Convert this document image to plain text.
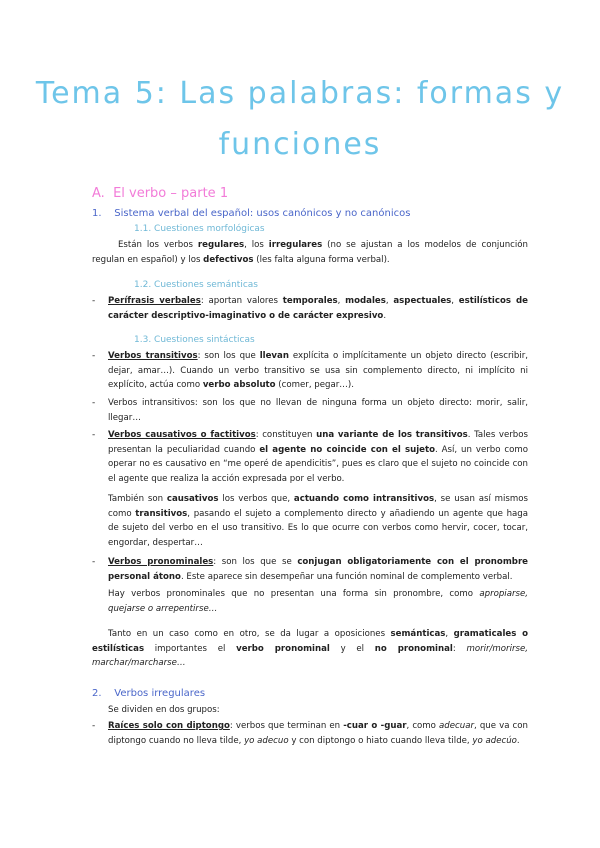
Tema 5: Las palabras: formas y
funciones
A. El verbo – parte 1
1. Sistema verbal del español: usos canónicos y no canónicos
1.1. Cuestiones morfológicas
Están los verbos regulares, los irregulares (no se ajustan a los modelos de conjunción regulan en español) y los defectivos (les falta alguna forma verbal).
1.2. Cuestiones semánticas
- Perífrasis verbales: aportan valores temporales, modales, aspectuales, estilísticos de carácter descriptivo-imaginativo o de carácter expresivo.
1.3. Cuestiones sintácticas
- Verbos transitivos: son los que llevan explícita o implícitamente un objeto directo (escribir, dejar, amar…). Cuando un verbo transitivo se usa sin complemento directo, ni implícito ni explícito, actúa como verbo absoluto (comer, pegar…).
- Verbos intransitivos: son los que no llevan de ninguna forma un objeto directo: morir, salir, llegar…
- Verbos causativos o factitivos: constituyen una variante de los transitivos. Tales verbos presentan la peculiaridad cuando el agente no coincide con el sujeto. Así, un verbo como operar no es causativo en “me operé de apendicitis”, pues es claro que el sujeto no coincide con el agente que realiza la acción expresada por el verbo.
También son causativos los verbos que, actuando como intransitivos, se usan así mismos como transitivos, pasando el sujeto a complemento directo y añadiendo un agente que haga de sujeto del verbo en el uso transitivo. Es lo que ocurre con verbos como hervir, cocer, tocar, engordar, despertar…
- Verbos pronominales: son los que se conjugan obligatoriamente con el pronombre personal átono. Este aparece sin desempeñar una función nominal de complemento verbal.
Hay verbos pronominales que no presentan una forma sin pronombre, como apropiarse, quejarse o arrepentirse…
Tanto en un caso como en otro, se da lugar a oposiciones semánticas, gramaticales o estilísticas importantes el verbo pronominal y el no pronominal: morir/morirse, marchar/marcharse…
2. Verbos irregulares
Se dividen en dos grupos:
- Raíces solo con diptongo: verbos que terminan en -cuar o -guar, como adecuar, que va con diptongo cuando no lleva tilde, yo adecuo y con diptongo o hiato cuando lleva tilde, yo adecúo.
